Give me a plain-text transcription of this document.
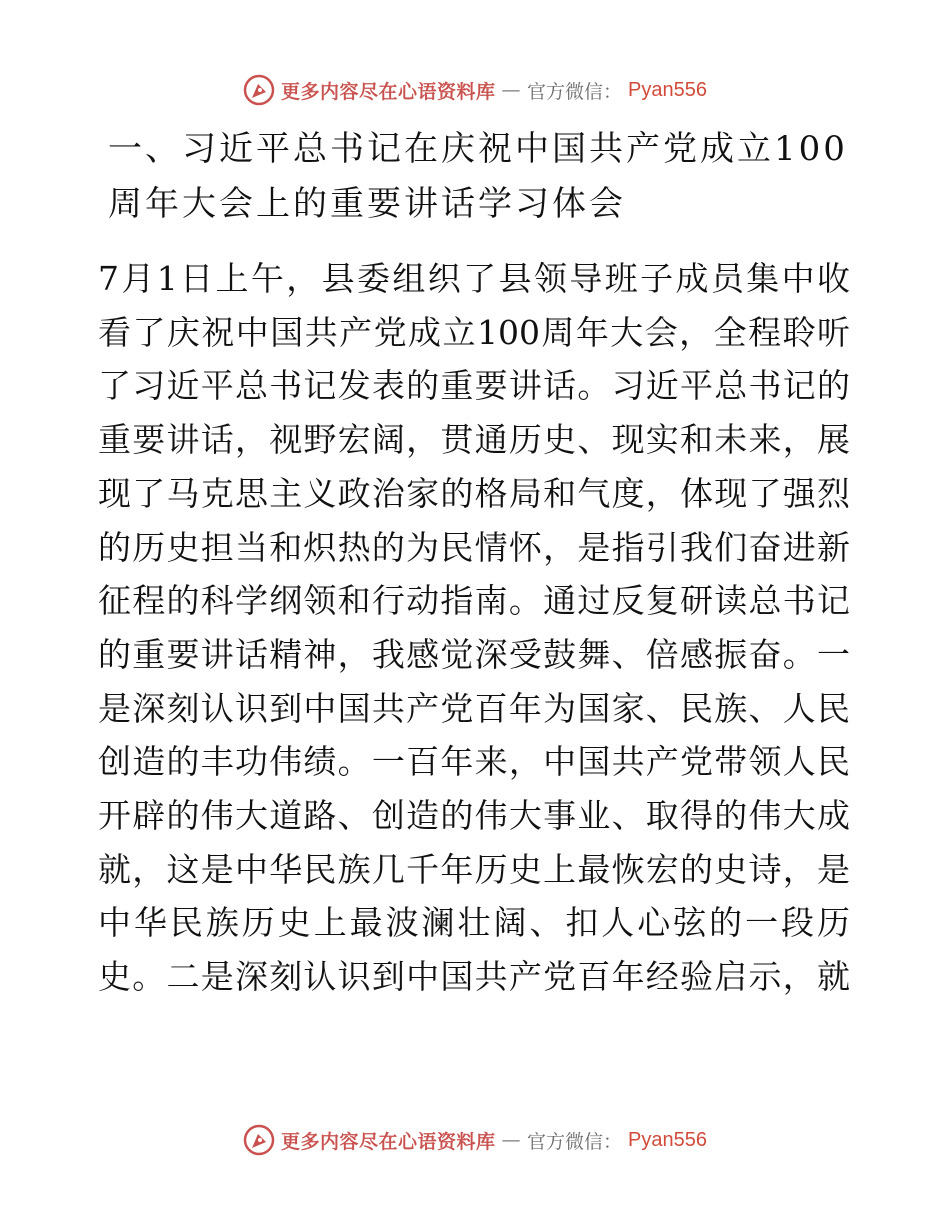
更多内容尽在心语资料库 — 官方微信： Pyan556
一、习近平总书记在庆祝中国共产党成立100周年大会上的重要讲话学习体会
7月1日上午，县委组织了县领导班子成员集中收
看了庆祝中国共产党成立100周年大会，全程聆听
了习近平总书记发表的重要讲话。习近平总书记的
重要讲话，视野宏阔，贯通历史、现实和未来，展
现了马克思主义政治家的格局和气度，体现了强烈
的历史担当和炽热的为民情怀，是指引我们奋进新
征程的科学纲领和行动指南。通过反复研读总书记
的重要讲话精神，我感觉深受鼓舞、倍感振奋。一
是深刻认识到中国共产党百年为国家、民族、人民
创造的丰功伟绩。一百年来，中国共产党带领人民
开辟的伟大道路、创造的伟大事业、取得的伟大成
就，这是中华民族几千年历史上最恢宏的史诗，是
中华民族历史上最波澜壮阔、扣人心弦的一段历
史。二是深刻认识到中国共产党百年经验启示，就
更多内容尽在心语资料库 — 官方微信： Pyan556
